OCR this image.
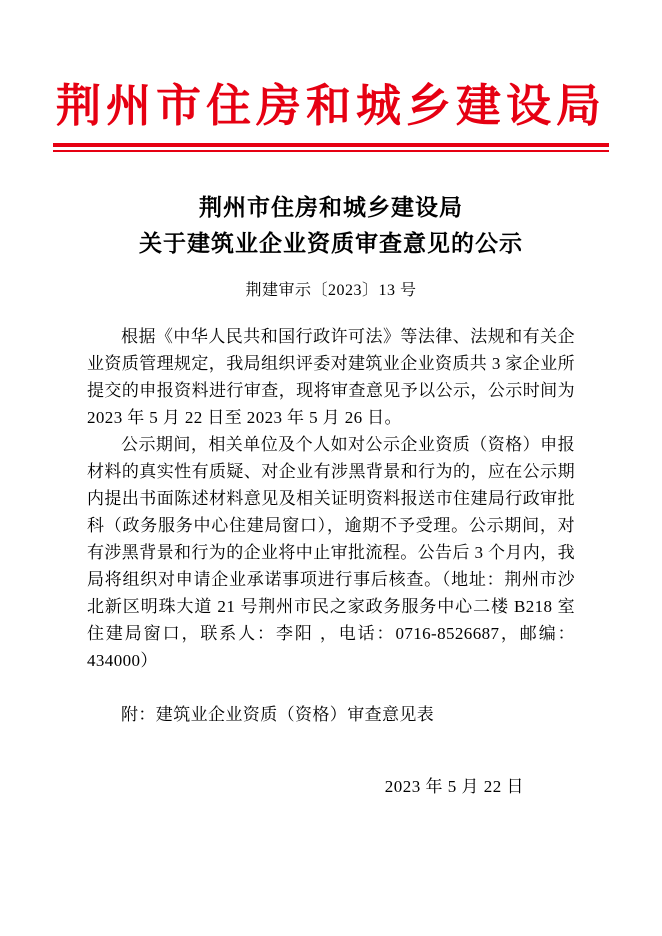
荆州市住房和城乡建设局
荆州市住房和城乡建设局
关于建筑业企业资质审查意见的公示
荆建审示〔2023〕13 号

根据《中华人民共和国行政许可法》等法律、法规和有关企业资质管理规定，我局组织评委对建筑业企业资质共 3 家企业所提交的申报资料进行审查，现将审查意见予以公示，公示时间为 2023 年 5 月 22 日至 2023 年 5 月 26 日。

公示期间，相关单位及个人如对公示企业资质（资格）申报材料的真实性有质疑、对企业有涉黑背景和行为的，应在公示期内提出书面陈述材料意见及相关证明资料报送市住建局行政审批科（政务服务中心住建局窗口），逾期不予受理。公示期间，对有涉黑背景和行为的企业将中止审批流程。公告后 3 个月内，我局将组织对申请企业承诺事项进行事后核查。（地址：荆州市沙北新区明珠大道 21 号荆州市民之家政务服务中心二楼 B218 室住建局窗口，联系人：李阳 ，电话：0716-8526687，邮编：434000）

附：建筑业企业资质（资格）审查意见表

2023 年 5 月 22 日
